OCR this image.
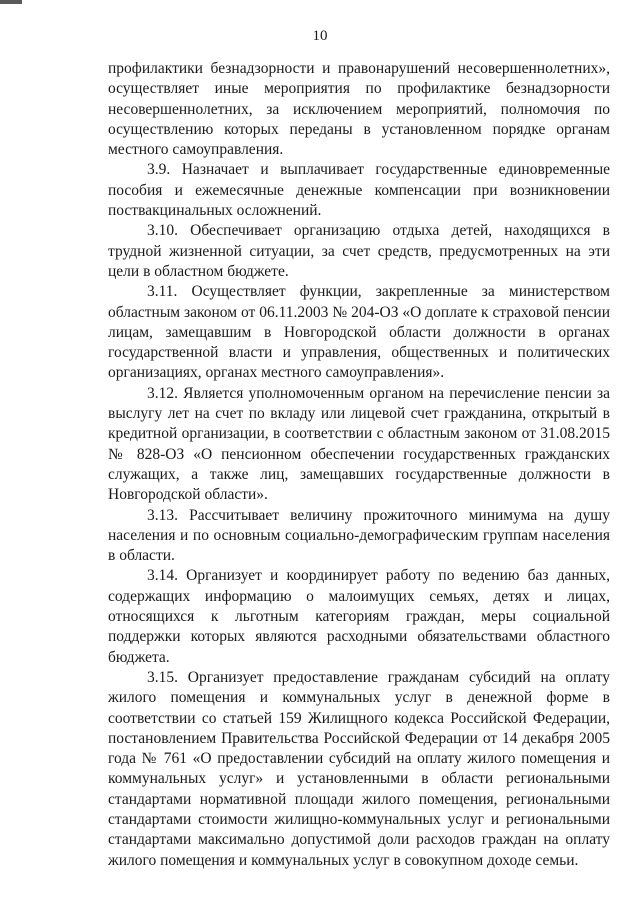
10

профилактики безнадзорности и правонарушений несовершеннолетних», осуществляет иные мероприятия по профилактике безнадзорности несовершеннолетних, за исключением мероприятий, полномочия по осуществлению которых переданы в установленном порядке органам местного самоуправления.

3.9. Назначает и выплачивает государственные единовременные пособия и ежемесячные денежные компенсации при возникновении поствакцинальных осложнений.

3.10. Обеспечивает организацию отдыха детей, находящихся в трудной жизненной ситуации, за счет средств, предусмотренных на эти цели в областном бюджете.

3.11. Осуществляет функции, закрепленные за министерством областным законом от 06.11.2003 № 204-ОЗ «О доплате к страховой пенсии лицам, замещавшим в Новгородской области должности в органах государственной власти и управления, общественных и политических организациях, органах местного самоуправления».

3.12. Является уполномоченным органом на перечисление пенсии за выслугу лет на счет по вкладу или лицевой счет гражданина, открытый в кредитной организации, в соответствии с областным законом от 31.08.2015 № 828-ОЗ «О пенсионном обеспечении государственных гражданских служащих, а также лиц, замещавших государственные должности в Новгородской области».

3.13. Рассчитывает величину прожиточного минимума на душу населения и по основным социально-демографическим группам населения в области.

3.14. Организует и координирует работу по ведению баз данных, содержащих информацию о малоимущих семьях, детях и лицах, относящихся к льготным категориям граждан, меры социальной поддержки которых являются расходными обязательствами областного бюджета.

3.15. Организует предоставление гражданам субсидий на оплату жилого помещения и коммунальных услуг в денежной форме в соответствии со статьей 159 Жилищного кодекса Российской Федерации, постановлением Правительства Российской Федерации от 14 декабря 2005 года № 761 «О предоставлении субсидий на оплату жилого помещения и коммунальных услуг» и установленными в области региональными стандартами нормативной площади жилого помещения, региональными стандартами стоимости жилищно-коммунальных услуг и региональными стандартами максимально допустимой доли расходов граждан на оплату жилого помещения и коммунальных услуг в совокупном доходе семьи.
